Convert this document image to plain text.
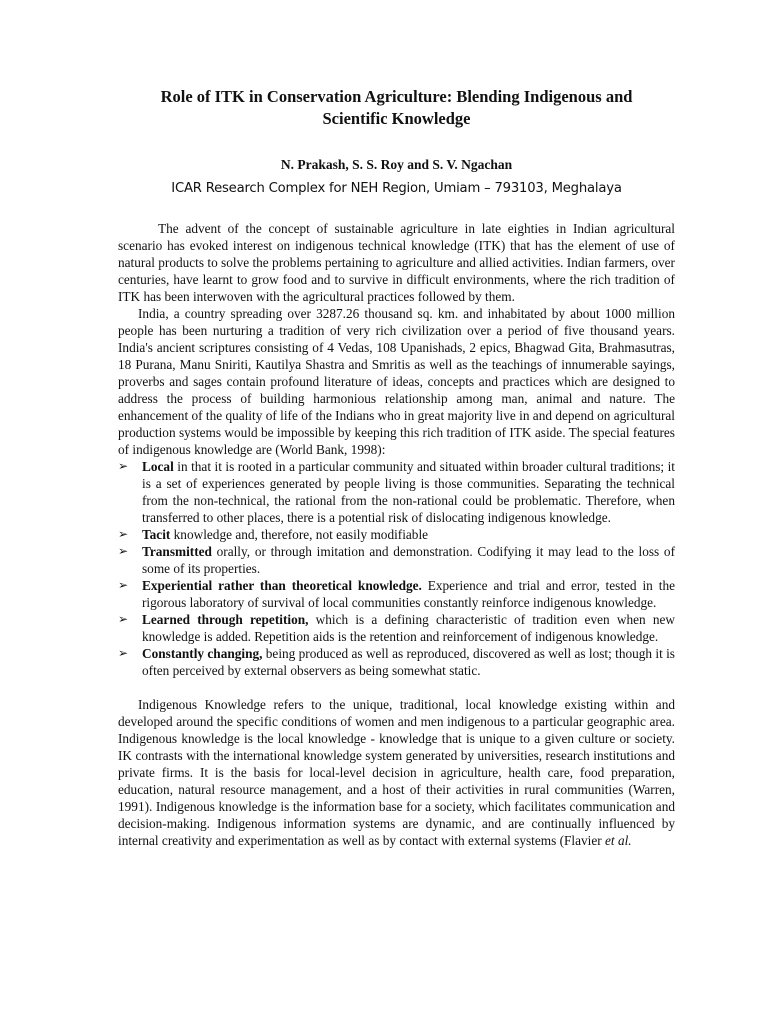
Role of ITK in Conservation Agriculture: Blending Indigenous and Scientific Knowledge
N. Prakash, S. S. Roy and S. V. Ngachan
ICAR Research Complex for NEH Region, Umiam – 793103, Meghalaya

The advent of the concept of sustainable agriculture in late eighties in Indian agricultural scenario has evoked interest on indigenous technical knowledge (ITK) that has the element of use of natural products to solve the problems pertaining to agriculture and allied activities. Indian farmers, over centuries, have learnt to grow food and to survive in difficult environments, where the rich tradition of ITK has been interwoven with the agricultural practices followed by them.

India, a country spreading over 3287.26 thousand sq. km. and inhabitated by about 1000 million people has been nurturing a tradition of very rich civilization over a period of five thousand years. India's ancient scriptures consisting of 4 Vedas, 108 Upanishads, 2 epics, Bhagwad Gita, Brahmasutras, 18 Purana, Manu Sniriti, Kautilya Shastra and Smritis as well as the teachings of innumerable sayings, proverbs and sages contain profound literature of ideas, concepts and practices which are designed to address the process of building harmonious relationship among man, animal and nature. The enhancement of the quality of life of the Indians who in great majority live in and depend on agricultural production systems would be impossible by keeping this rich tradition of ITK aside. The special features of indigenous knowledge are (World Bank, 1998):

➢ Local in that it is rooted in a particular community and situated within broader cultural traditions; it is a set of experiences generated by people living is those communities. Separating the technical from the non-technical, the rational from the non-rational could be problematic. Therefore, when transferred to other places, there is a potential risk of dislocating indigenous knowledge.
➢ Tacit knowledge and, therefore, not easily modifiable
➢ Transmitted orally, or through imitation and demonstration. Codifying it may lead to the loss of some of its properties.
➢ Experiential rather than theoretical knowledge. Experience and trial and error, tested in the rigorous laboratory of survival of local communities constantly reinforce indigenous knowledge.
➢ Learned through repetition, which is a defining characteristic of tradition even when new knowledge is added. Repetition aids is the retention and reinforcement of indigenous knowledge.
➢ Constantly changing, being produced as well as reproduced, discovered as well as lost; though it is often perceived by external observers as being somewhat static.

Indigenous Knowledge refers to the unique, traditional, local knowledge existing within and developed around the specific conditions of women and men indigenous to a particular geographic area. Indigenous knowledge is the local knowledge - knowledge that is unique to a given culture or society. IK contrasts with the international knowledge system generated by universities, research institutions and private firms. It is the basis for local-level decision in agriculture, health care, food preparation, education, natural resource management, and a host of their activities in rural communities (Warren, 1991). Indigenous knowledge is the information base for a society, which facilitates communication and decision-making. Indigenous information systems are dynamic, and are continually influenced by internal creativity and experimentation as well as by contact with external systems (Flavier et al.
